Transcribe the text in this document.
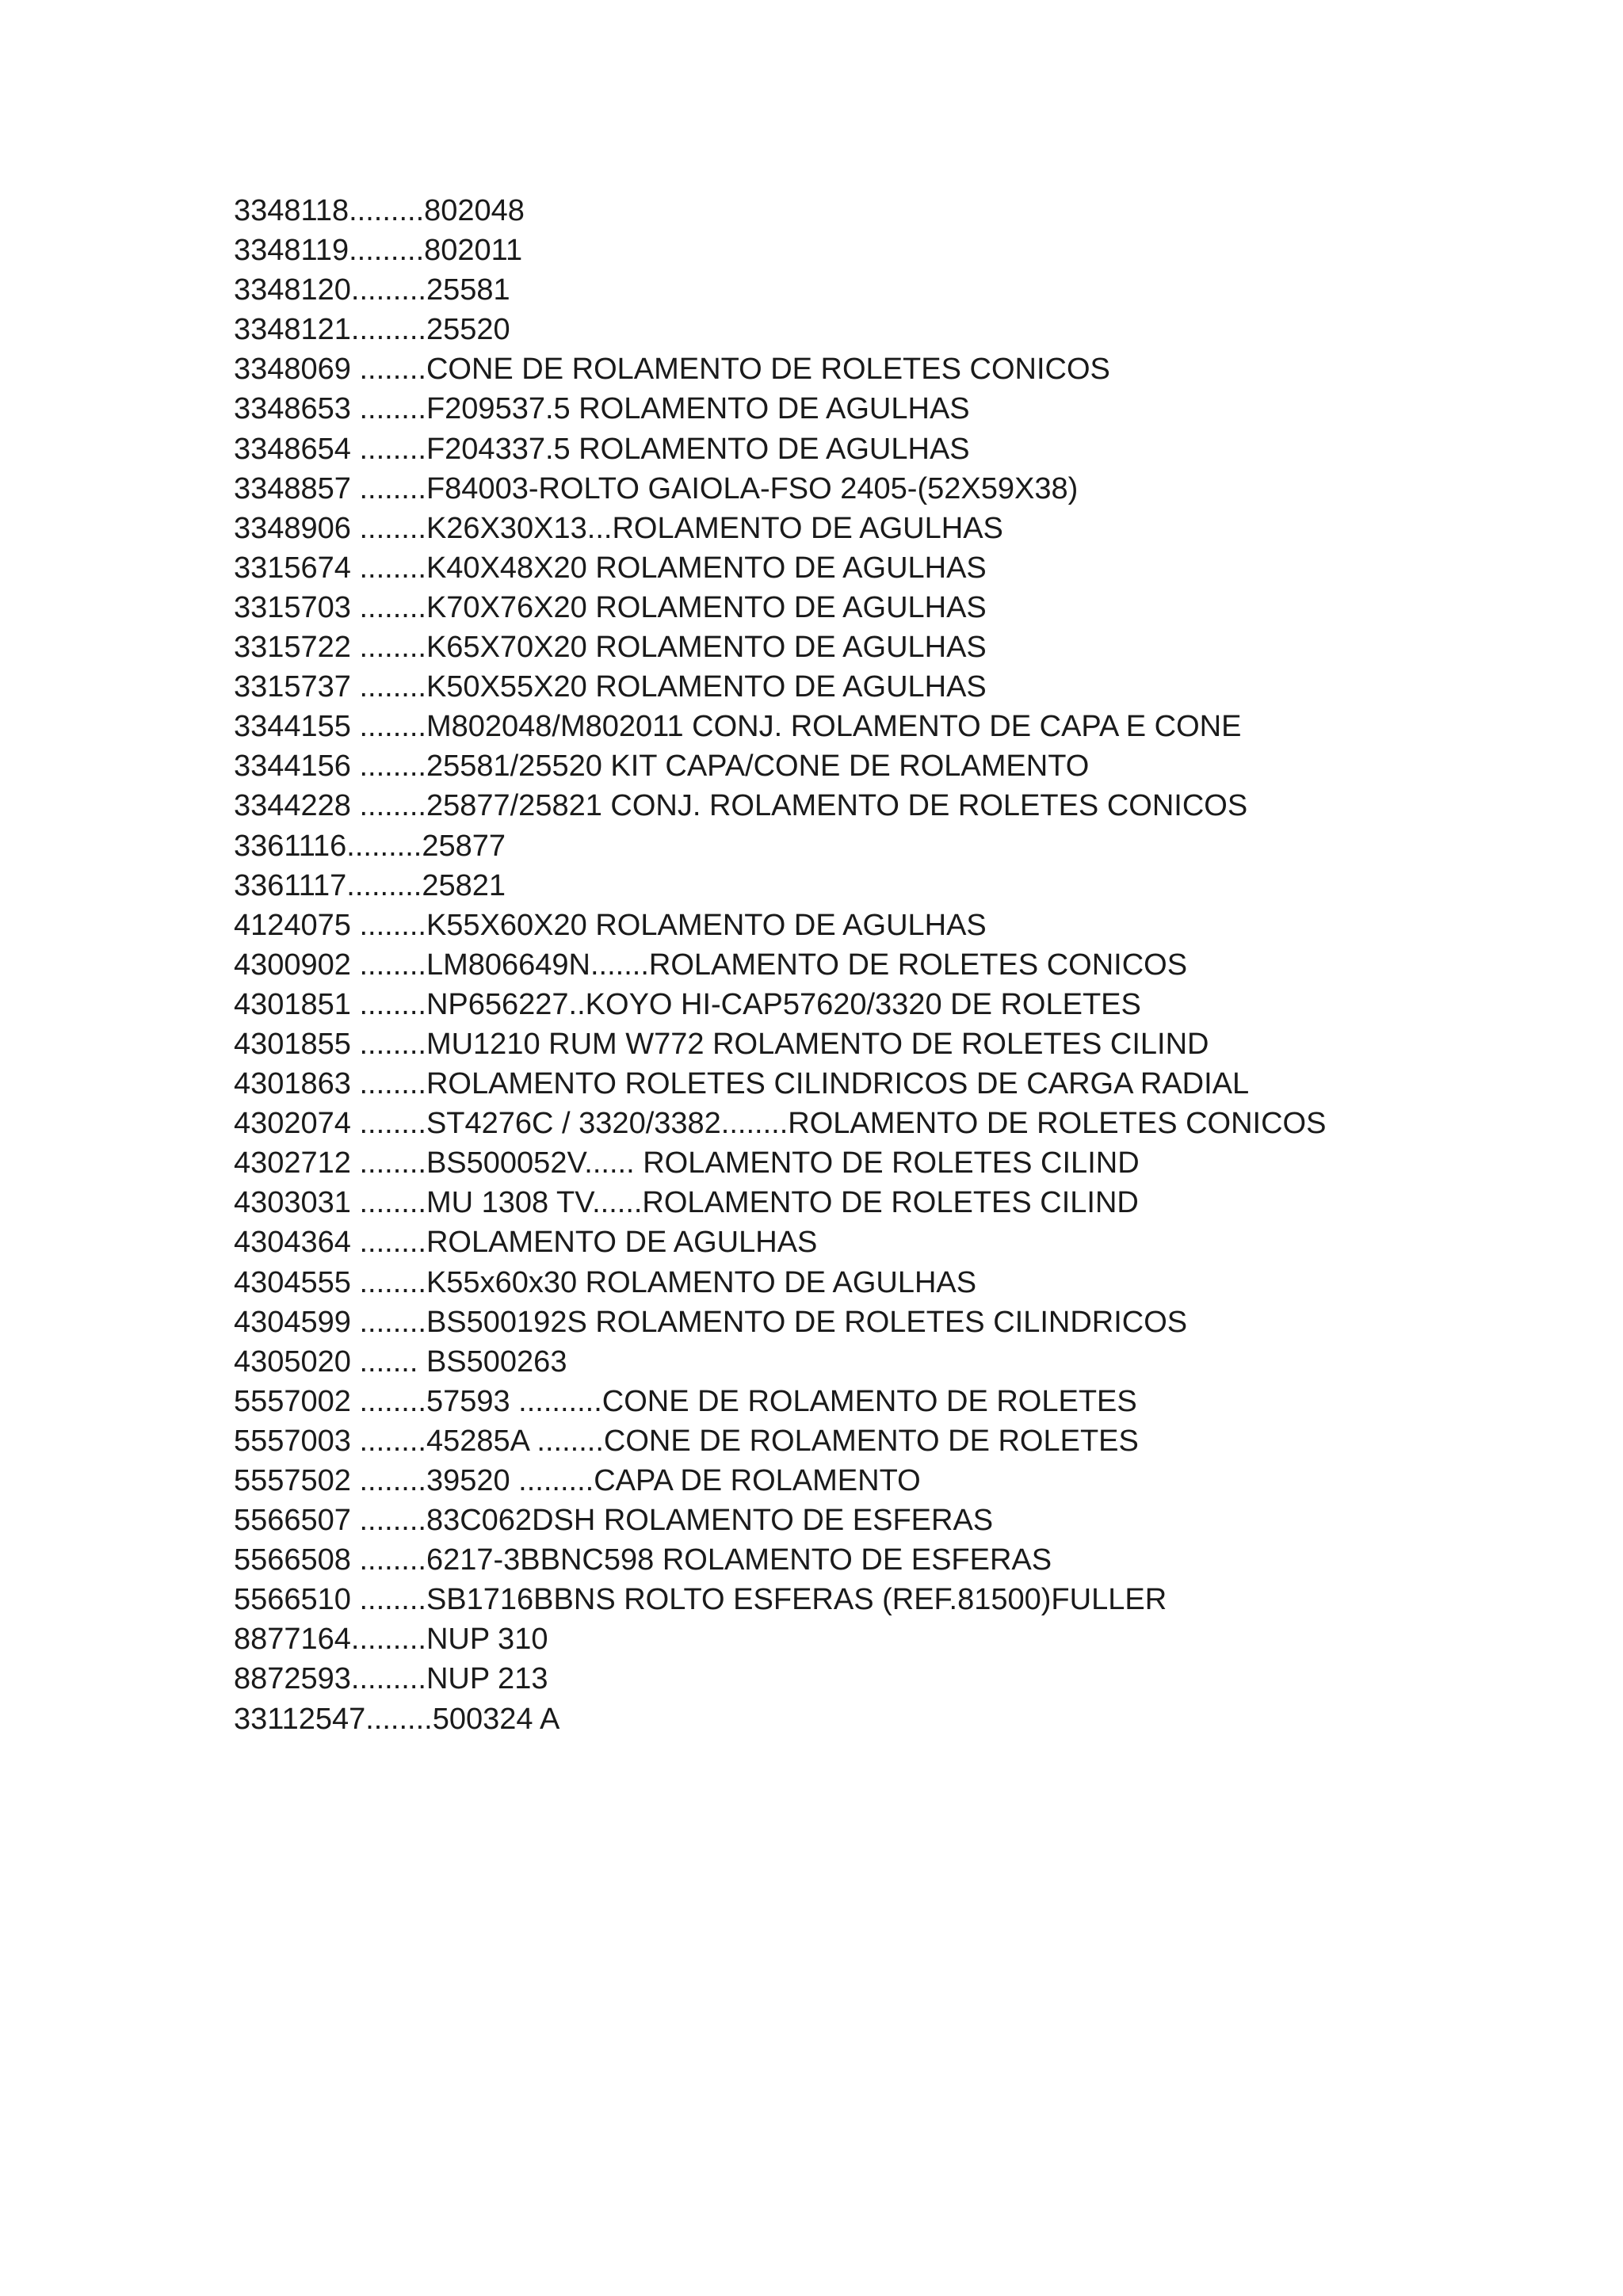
3348118.........802048
3348119.........802011
3348120.........25581
3348121.........25520
3348069 ........CONE DE ROLAMENTO DE ROLETES CONICOS
3348653 ........F209537.5 ROLAMENTO DE AGULHAS
3348654 ........F204337.5 ROLAMENTO DE AGULHAS
3348857 ........F84003-ROLTO GAIOLA-FSO 2405-(52X59X38)
3348906 ........K26X30X13...ROLAMENTO DE AGULHAS
3315674 ........K40X48X20 ROLAMENTO DE AGULHAS
3315703 ........K70X76X20 ROLAMENTO DE AGULHAS
3315722 ........K65X70X20 ROLAMENTO DE AGULHAS
3315737 ........K50X55X20 ROLAMENTO DE AGULHAS
3344155 ........M802048/M802011 CONJ. ROLAMENTO DE CAPA E CONE
3344156 ........25581/25520 KIT CAPA/CONE DE ROLAMENTO
3344228 ........25877/25821 CONJ. ROLAMENTO DE ROLETES CONICOS
3361116.........25877
3361117.........25821
4124075 ........K55X60X20 ROLAMENTO DE AGULHAS
4300902 ........LM806649N.......ROLAMENTO DE ROLETES CONICOS
4301851 ........NP656227..KOYO HI-CAP57620/3320 DE ROLETES
4301855 ........MU1210 RUM W772 ROLAMENTO DE ROLETES CILIND
4301863 ........ROLAMENTO ROLETES CILINDRICOS DE CARGA RADIAL
4302074 ........ST4276C / 3320/3382........ROLAMENTO DE ROLETES CONICOS
4302712 ........BS500052V...... ROLAMENTO DE ROLETES CILIND
4303031 ........MU 1308 TV......ROLAMENTO DE ROLETES CILIND
4304364 ........ROLAMENTO DE AGULHAS
4304555 ........K55x60x30 ROLAMENTO DE AGULHAS
4304599 ........BS500192S ROLAMENTO DE ROLETES CILINDRICOS
4305020 ....... BS500263
5557002 ........57593 ..........CONE DE ROLAMENTO DE ROLETES
5557003 ........45285A ........CONE DE ROLAMENTO DE ROLETES
5557502 ........39520 .........CAPA DE ROLAMENTO
5566507 ........83C062DSH ROLAMENTO DE ESFERAS
5566508 ........6217-3BBNC598 ROLAMENTO DE ESFERAS
5566510 ........SB1716BBNS ROLTO ESFERAS (REF.81500)FULLER
8877164.........NUP 310
8872593.........NUP 213
33112547........500324 A
